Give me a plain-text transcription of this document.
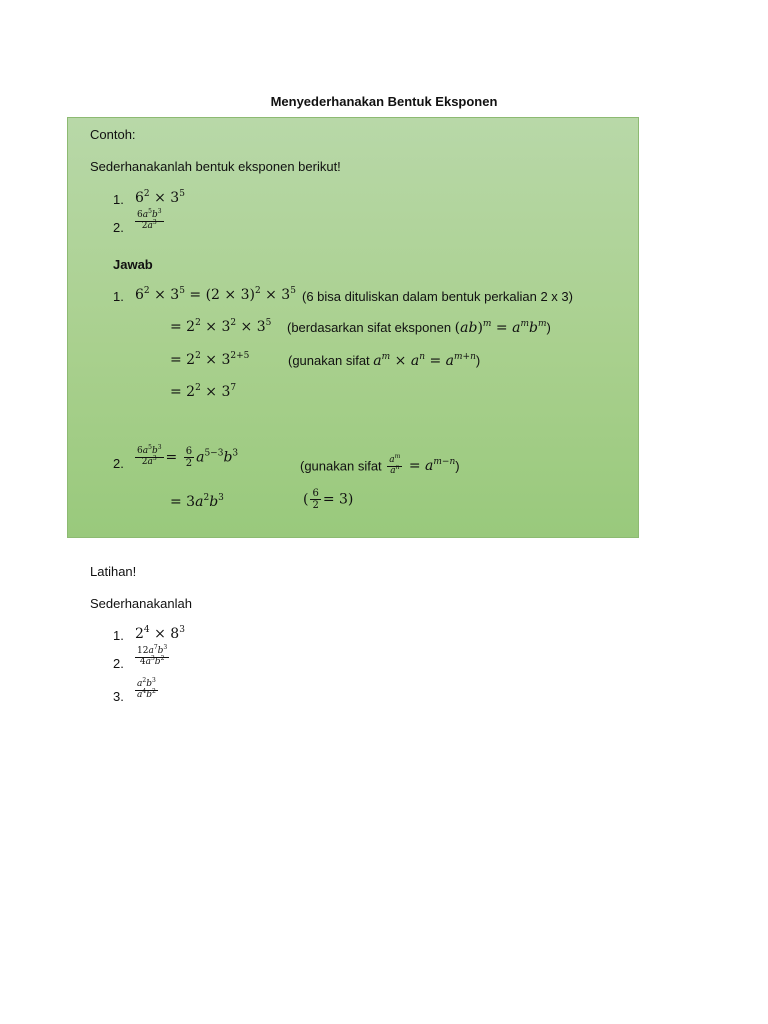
Menyederhanakan Bentuk Eksponen
Contoh:
Sederhanakanlah bentuk eksponen berikut!
1. $6^2 \times 3^5$
2. $\frac{6a^5b^3}{2a^3}$
Jawab
1. $6^2 \times 3^5 = (2 \times 3)^2 \times 3^5$ (6 bisa dituliskan dalam bentuk perkalian 2 x 3)
= $2^2 \times 3^2 \times 3^5$ (berdasarkan sifat eksponen $(ab)^m = a^mb^m$)
= $2^2 \times 3^{2+5}$	(gunakan sifat $a^m \times a^n = a^{m+n}$)
= $2^2 \times 3^7$
2. $\frac{6a^5b^3}{2a^3} = \frac{6}{2} a^{5-3}b^3$
(gunakan sifat $\frac{a^m}{a^n} = a^{m-n}$)
= $3a^2b^3$	( $\frac{6}{2} = 3$)
Latihan!
Sederhanakanlah
1. $2^4 \times 8^3$
2. $\frac{12a^7b^3}{4a^3b^2}$
3. $\frac{a^2b^3}{a^4b^2}$
